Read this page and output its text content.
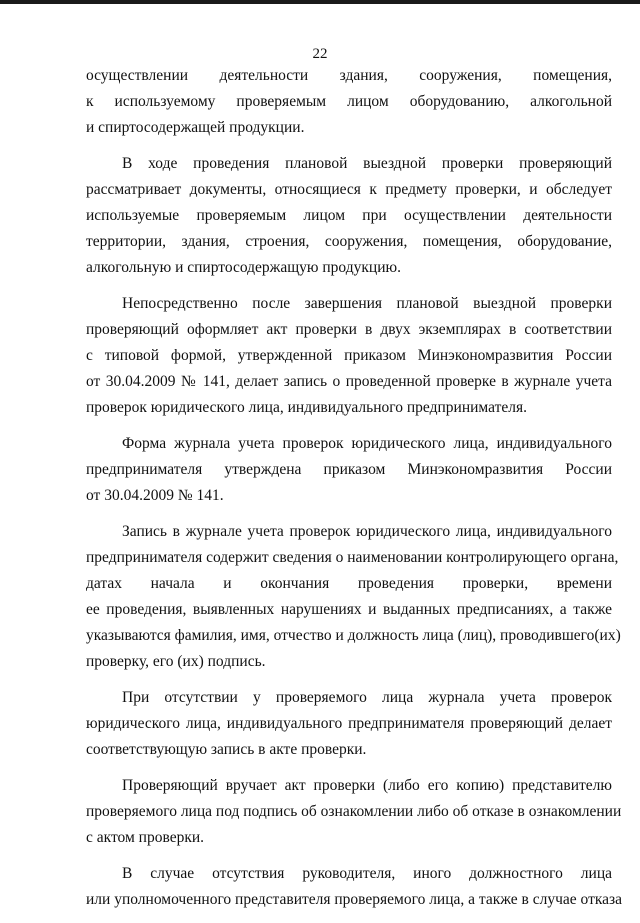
22
осуществлении деятельности здания, сооружения, помещения,
к используемому проверяемым лицом оборудованию, алкогольной
и спиртосодержащей продукции.
В ходе проведения плановой выездной проверки проверяющий
рассматривает документы, относящиеся к предмету проверки, и обследует
используемые проверяемым лицом при осуществлении деятельности
территории, здания, строения, сооружения, помещения, оборудование,
алкогольную и спиртосодержащую продукцию.
Непосредственно после завершения плановой выездной проверки
проверяющий оформляет акт проверки в двух экземплярах в соответствии
с типовой формой, утвержденной приказом Минэкономразвития России
от 30.04.2009 № 141, делает запись о проведенной проверке в журнале учета
проверок юридического лица, индивидуального предпринимателя.
Форма журнала учета проверок юридического лица, индивидуального
предпринимателя утверждена приказом Минэкономразвития России
от 30.04.2009 № 141.
Запись в журнале учета проверок юридического лица, индивидуального
предпринимателя содержит сведения о наименовании контролирующего органа,
датах начала и окончания проведения проверки, времени
ее проведения, выявленных нарушениях и выданных предписаниях, а также
указываются фамилия, имя, отчество и должность лица (лиц), проводившего(их)
проверку, его (их) подпись.
При отсутствии у проверяемого лица журнала учета проверок
юридического лица, индивидуального предпринимателя проверяющий делает
соответствующую запись в акте проверки.
Проверяющий вручает акт проверки (либо его копию) представителю
проверяемого лица под подпись об ознакомлении либо об отказе в ознакомлении
с актом проверки.
В случае отсутствия руководителя, иного должностного лица
или уполномоченного представителя проверяемого лица, а также в случае отказа
